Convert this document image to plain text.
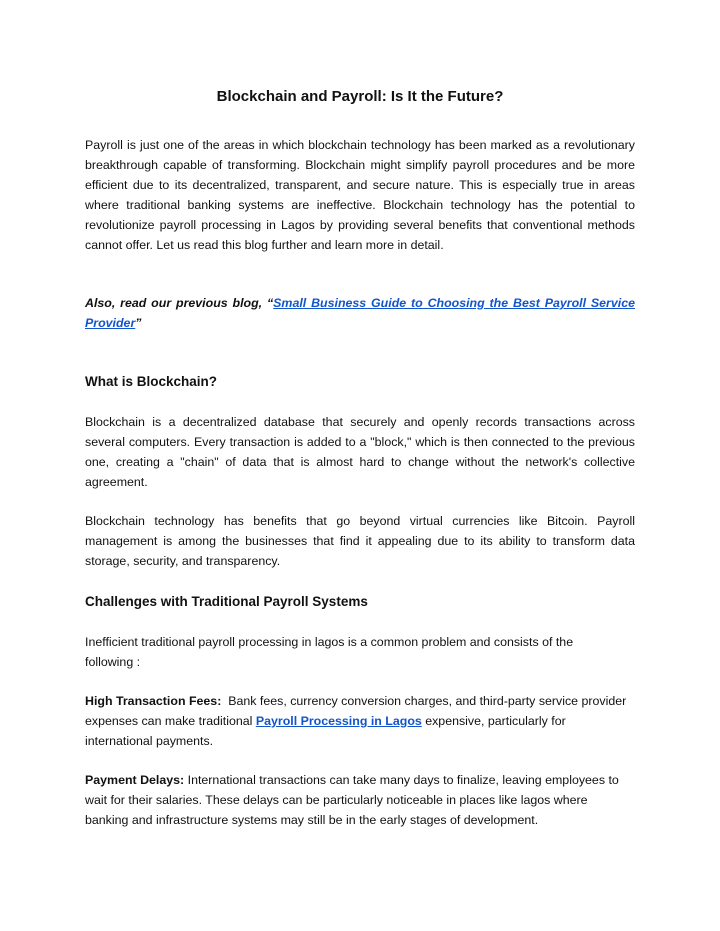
Blockchain and Payroll: Is It the Future?

Payroll is just one of the areas in which blockchain technology has been marked as a revolutionary breakthrough capable of transforming. Blockchain might simplify payroll procedures and be more efficient due to its decentralized, transparent, and secure nature. This is especially true in areas where traditional banking systems are ineffective. Blockchain technology has the potential to revolutionize payroll processing in Lagos by providing several benefits that conventional methods cannot offer. Let us read this blog further and learn more in detail.

Also, read our previous blog, “Small Business Guide to Choosing the Best Payroll Service Provider”

What is Blockchain?

Blockchain is a decentralized database that securely and openly records transactions across several computers. Every transaction is added to a "block," which is then connected to the previous one, creating a "chain" of data that is almost hard to change without the network's collective agreement.

Blockchain technology has benefits that go beyond virtual currencies like Bitcoin. Payroll management is among the businesses that find it appealing due to its ability to transform data storage, security, and transparency.

Challenges with Traditional Payroll Systems

Inefficient traditional payroll processing in lagos is a common problem and consists of the
following :

High Transaction Fees:  Bank fees, currency conversion charges, and third-party service provider
expenses can make traditional Payroll Processing in Lagos expensive, particularly for
international payments.

Payment Delays: International transactions can take many days to finalize, leaving employees to
wait for their salaries. These delays can be particularly noticeable in places like lagos where
banking and infrastructure systems may still be in the early stages of development.
